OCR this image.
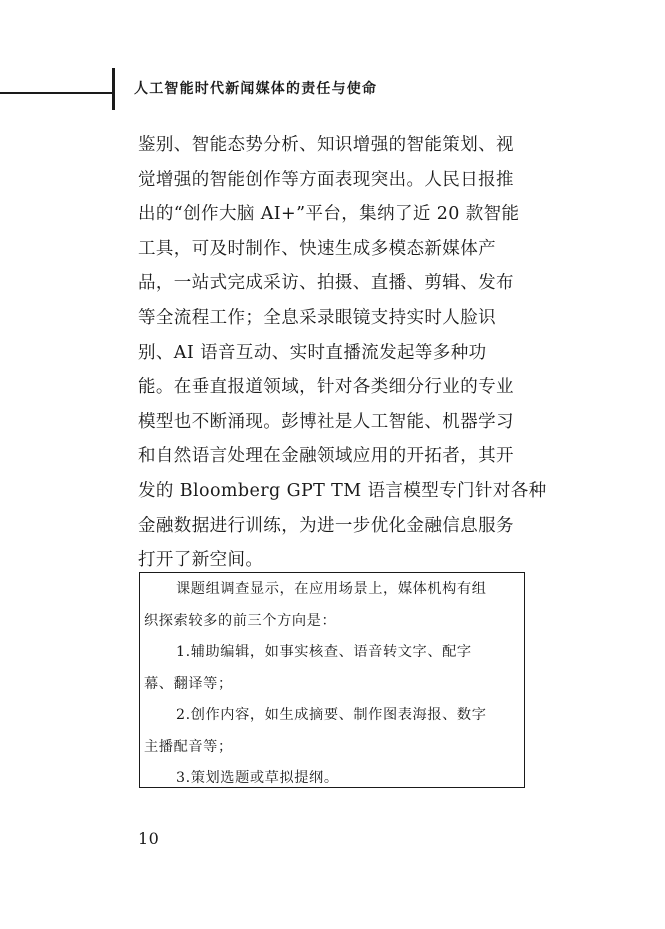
人工智能时代新闻媒体的责任与使命
鉴别、智能态势分析、知识增强的智能策划、视
觉增强的智能创作等方面表现突出。人民日报推
出的“创作大脑 AI+”平台，集纳了近 20 款智能
工具，可及时制作、快速生成多模态新媒体产
品，一站式完成采访、拍摄、直播、剪辑、发布
等全流程工作；全息采录眼镜支持实时人脸识
别、AI 语音互动、实时直播流发起等多种功
能。在垂直报道领域，针对各类细分行业的专业
模型也不断涌现。彭博社是人工智能、机器学习
和自然语言处理在金融领域应用的开拓者，其开
发的 Bloomberg GPT TM 语言模型专门针对各种
金融数据进行训练，为进一步优化金融信息服务
打开了新空间。
课题组调查显示，在应用场景上，媒体机构有组
织探索较多的前三个方向是：
1.辅助编辑，如事实核查、语音转文字、配字
幕、翻译等；
2.创作内容，如生成摘要、制作图表海报、数字
主播配音等；
3.策划选题或草拟提纲。
10
